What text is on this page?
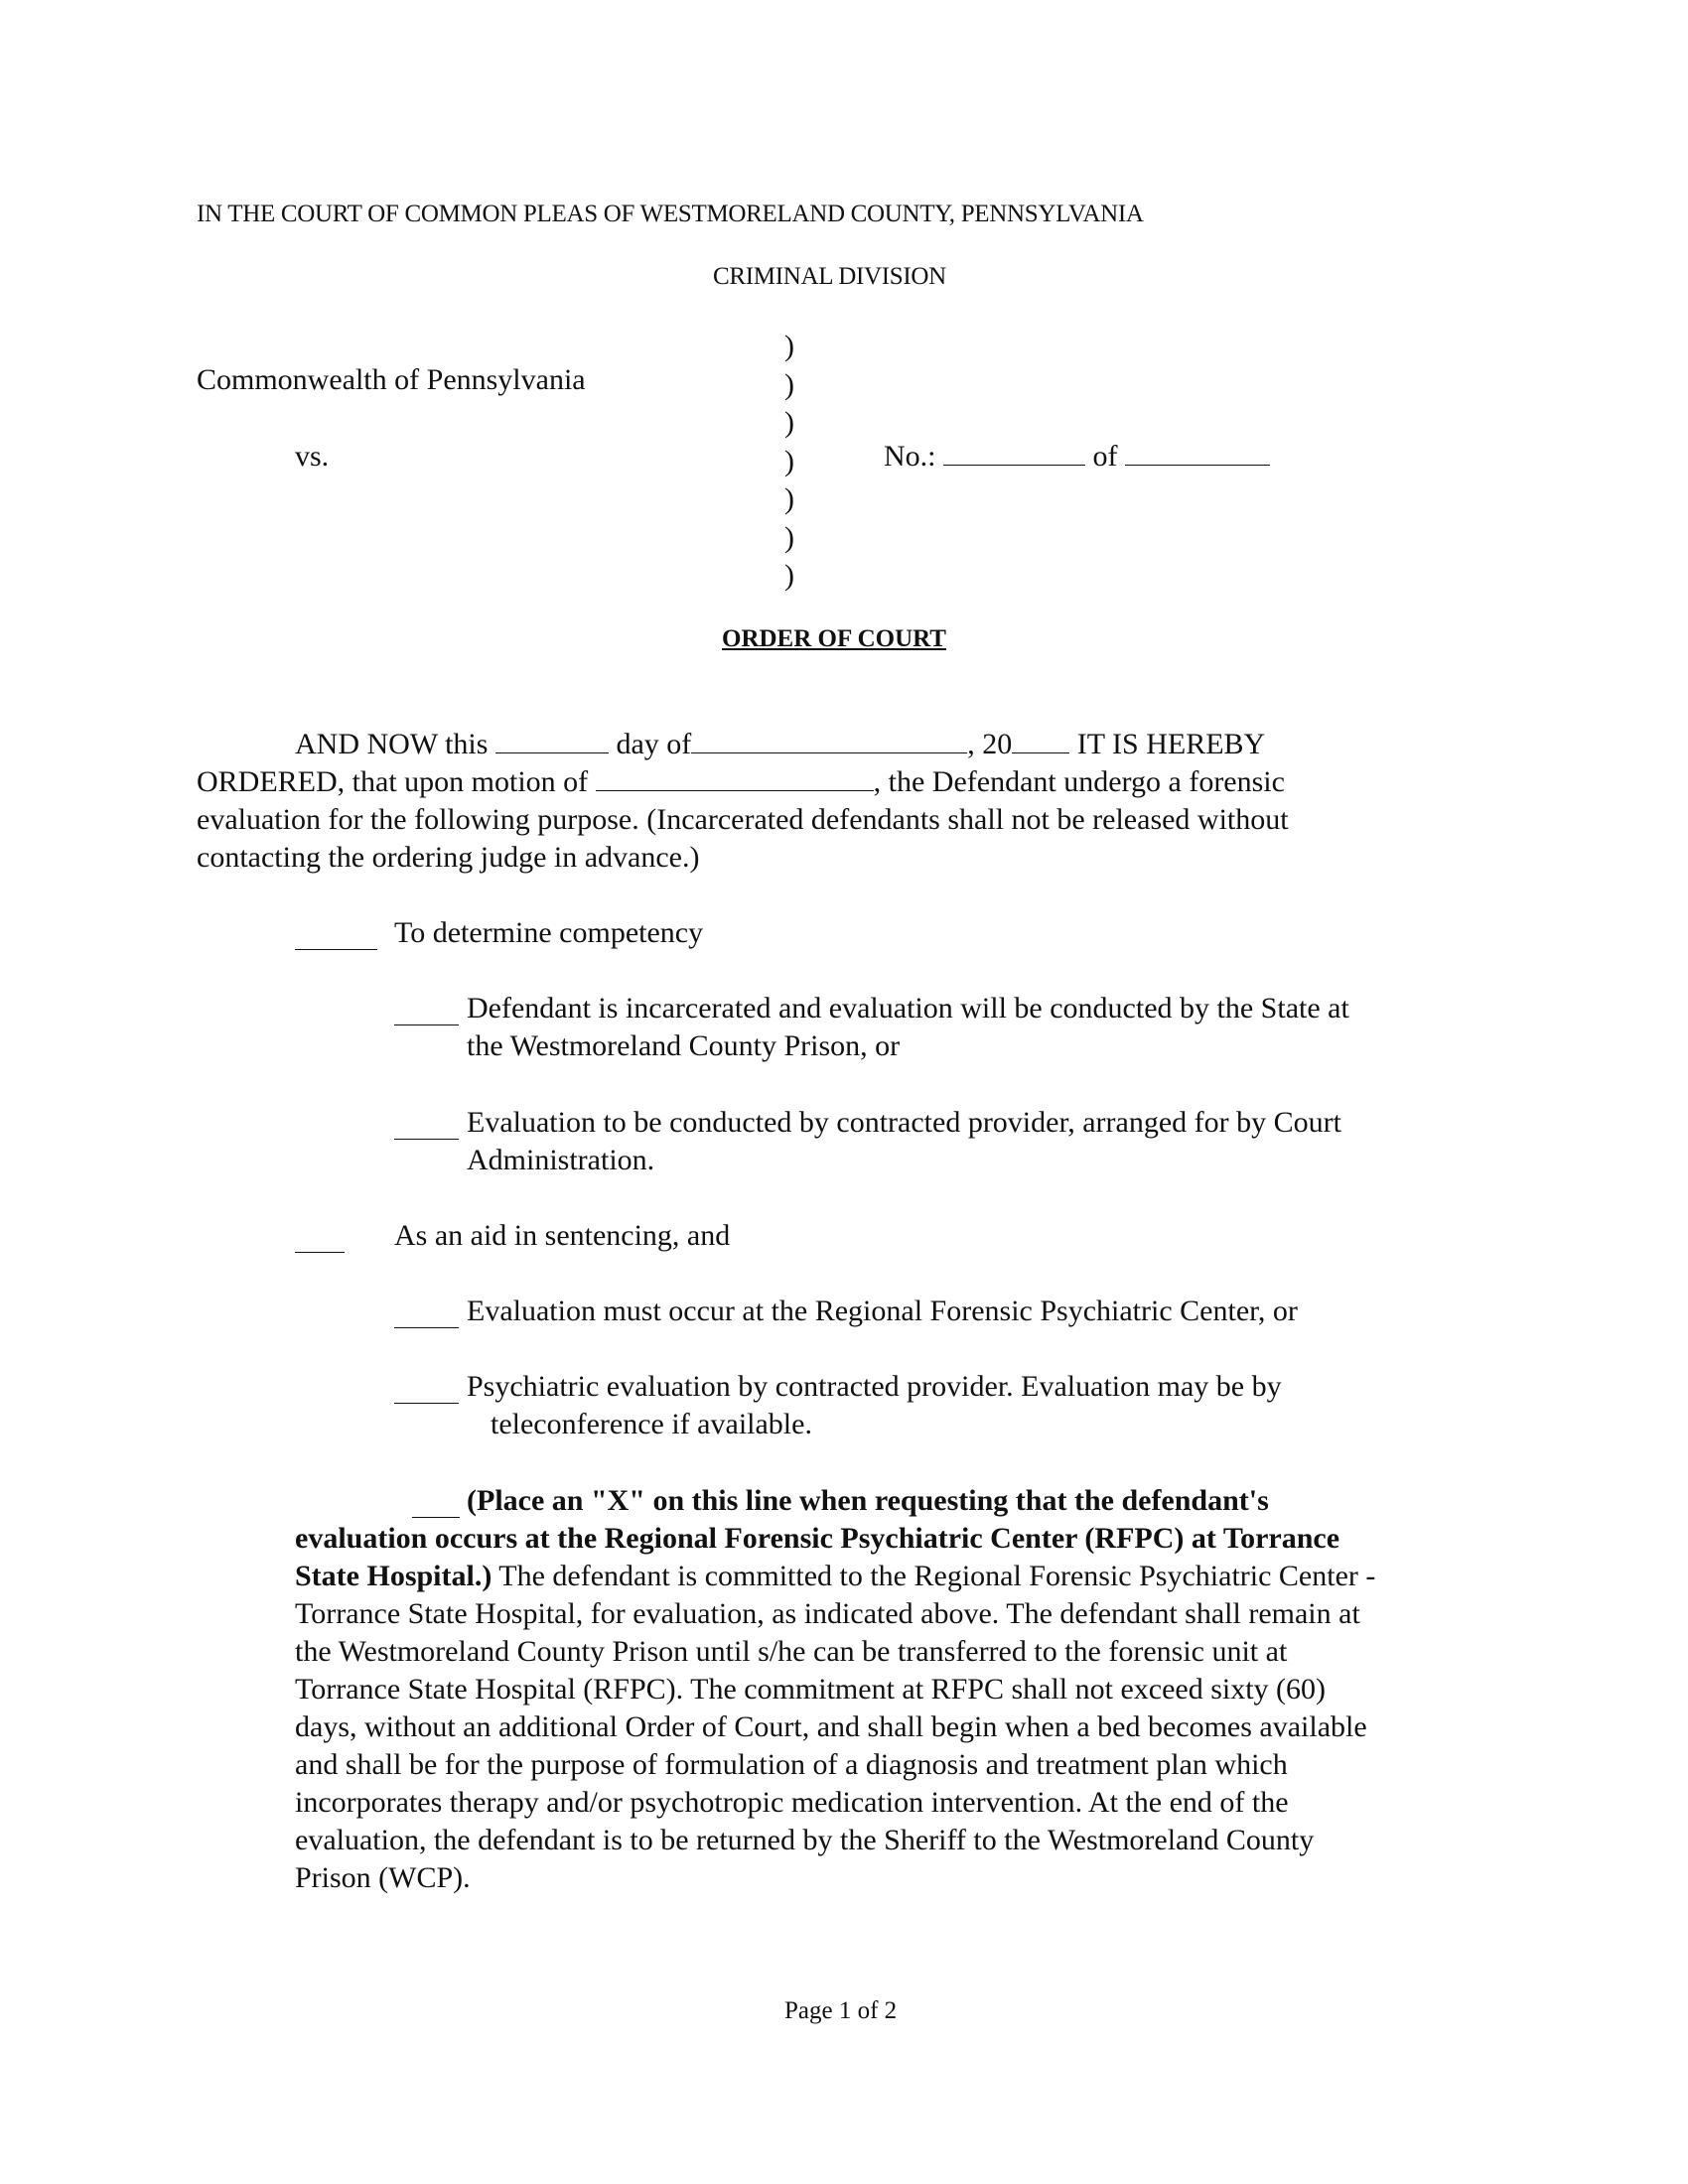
IN THE COURT OF COMMON PLEAS OF WESTMORELAND COUNTY, PENNSYLVANIA
CRIMINAL DIVISION
Commonwealth of Pennsylvania
vs.
)
)
)
)
)
)
)
No.:	of
ORDER OF COURT
AND NOW this	day of	, 20 IT IS HEREBY
ORDERED, that upon motion of	, the Defendant undergo a forensic
evaluation for the following purpose. (Incarcerated defendants shall not be released without
contacting the ordering judge in advance.)
To determine competency
Defendant is incarcerated and evaluation will be conducted by the State at
the Westmoreland County Prison, or
Evaluation to be conducted by contracted provider, arranged for by Court
Administration.
As an aid in sentencing, and
Evaluation must occur at the Regional Forensic Psychiatric Center, or
Psychiatric evaluation by contracted provider. Evaluation may be by
teleconference if available.
(Place an "X" on this line when requesting that the defendant's
evaluation occurs at the Regional Forensic Psychiatric Center (RFPC) at Torrance
State Hospital.) The defendant is committed to the Regional Forensic Psychiatric Center -
Torrance State Hospital, for evaluation, as indicated above. The defendant shall remain at
the Westmoreland County Prison until s/he can be transferred to the forensic unit at
Torrance State Hospital (RFPC). The commitment at RFPC shall not exceed sixty (60)
days, without an additional Order of Court, and shall begin when a bed becomes available
and shall be for the purpose of formulation of a diagnosis and treatment plan which
incorporates therapy and/or psychotropic medication intervention. At the end of the
evaluation, the defendant is to be returned by the Sheriff to the Westmoreland County
Prison (WCP).
Page 1 of 2
